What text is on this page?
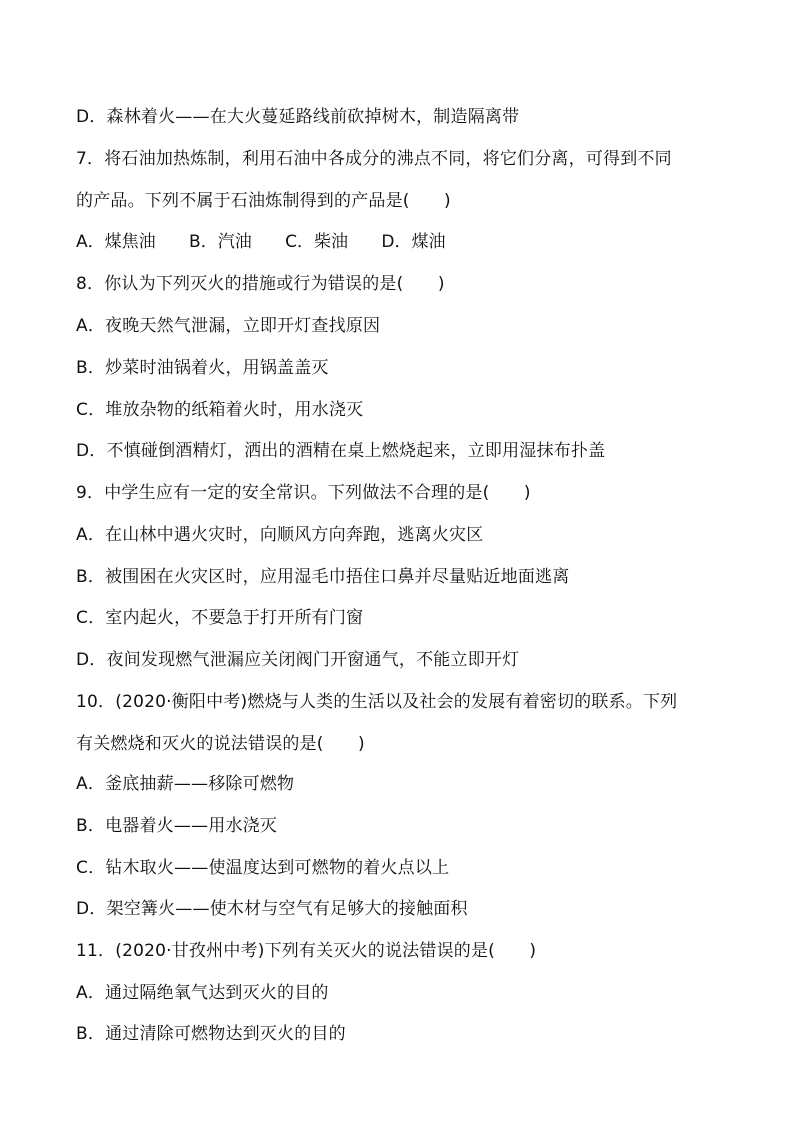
D．森林着火——在大火蔓延路线前砍掉树木，制造隔离带
7．将石油加热炼制，利用石油中各成分的沸点不同，将它们分离，可得到不同
的产品。下列不属于石油炼制得到的产品是(　　)
A．煤焦油 B．汽油 C．柴油 D．煤油
8．你认为下列灭火的措施或行为错误的是(　　)
A．夜晚天然气泄漏，立即开灯查找原因
B．炒菜时油锅着火，用锅盖盖灭
C．堆放杂物的纸箱着火时，用水浇灭
D．不慎碰倒酒精灯，洒出的酒精在桌上燃烧起来，立即用湿抹布扑盖
9．中学生应有一定的安全常识。下列做法不合理的是(　　)
A．在山林中遇火灾时，向顺风方向奔跑，逃离火灾区
B．被围困在火灾区时，应用湿毛巾捂住口鼻并尽量贴近地面逃离
C．室内起火，不要急于打开所有门窗
D．夜间发现燃气泄漏应关闭阀门开窗通气，不能立即开灯
10．(2020·衡阳中考)燃烧与人类的生活以及社会的发展有着密切的联系。下列
有关燃烧和灭火的说法错误的是(　　)
A．釜底抽薪——移除可燃物
B．电器着火——用水浇灭
C．钻木取火——使温度达到可燃物的着火点以上
D．架空篝火——使木材与空气有足够大的接触面积
11．(2020·甘孜州中考)下列有关灭火的说法错误的是(　　)
A．通过隔绝氧气达到灭火的目的
B．通过清除可燃物达到灭火的目的
